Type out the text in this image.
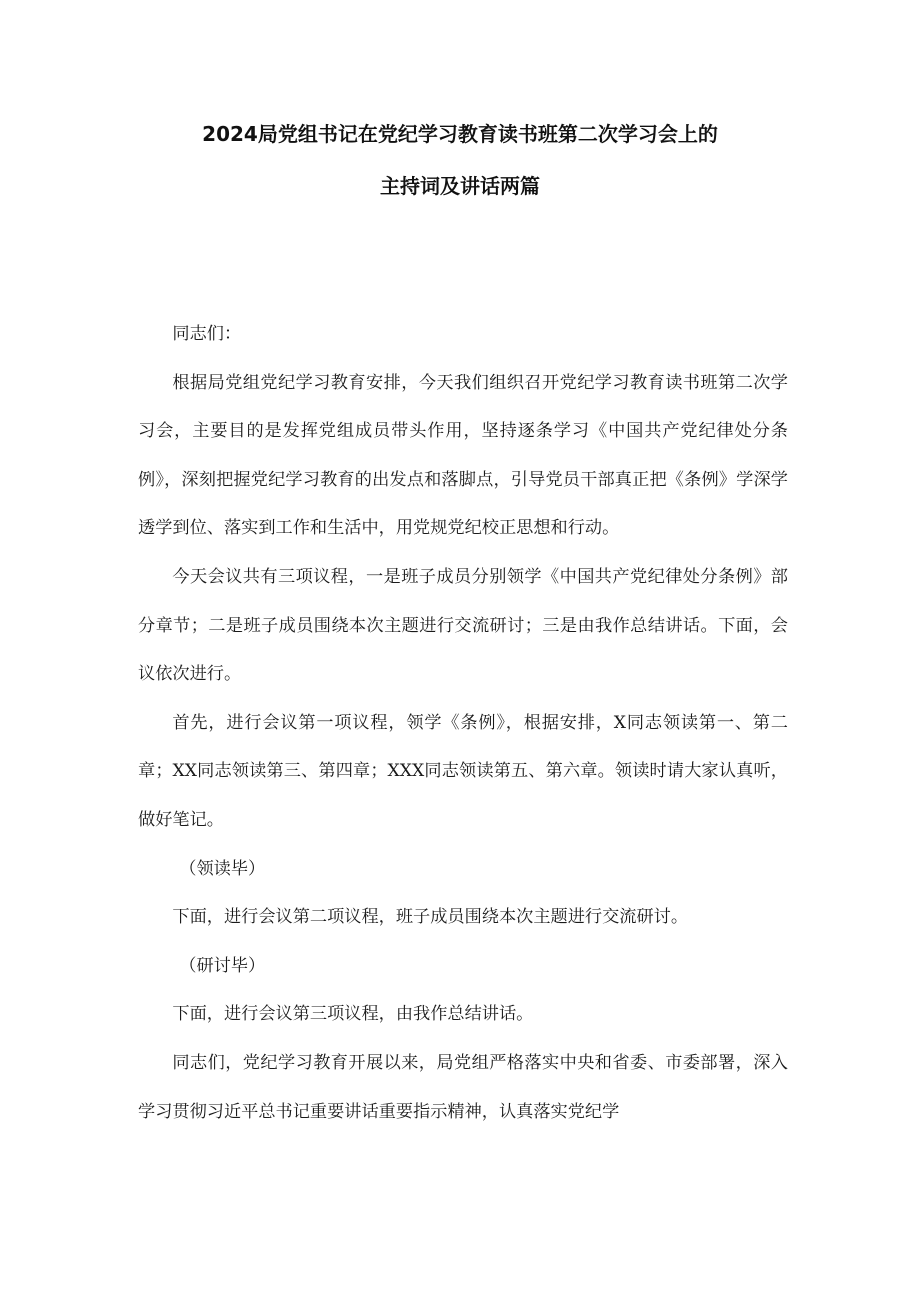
2024局党组书记在党纪学习教育读书班第二次学习会上的
主持词及讲话两篇

同志们：

根据局党组党纪学习教育安排，今天我们组织召开党纪学习教育读书班第二次学习会，主要目的是发挥党组成员带头作用，坚持逐条学习《中国共产党纪律处分条例》，深刻把握党纪学习教育的出发点和落脚点，引导党员干部真正把《条例》学深学透学到位、落实到工作和生活中，用党规党纪校正思想和行动。

今天会议共有三项议程，一是班子成员分别领学《中国共产党纪律处分条例》部分章节；二是班子成员围绕本次主题进行交流研讨；三是由我作总结讲话。下面，会议依次进行。

首先，进行会议第一项议程，领学《条例》，根据安排，X同志领读第一、第二章；XX同志领读第三、第四章；XXX同志领读第五、第六章。领读时请大家认真听，做好笔记。

（领读毕）

下面，进行会议第二项议程，班子成员围绕本次主题进行交流研讨。

（研讨毕）

下面，进行会议第三项议程，由我作总结讲话。

同志们，党纪学习教育开展以来，局党组严格落实中央和省委、市委部署，深入学习贯彻习近平总书记重要讲话重要指示精神，认真落实党纪学
